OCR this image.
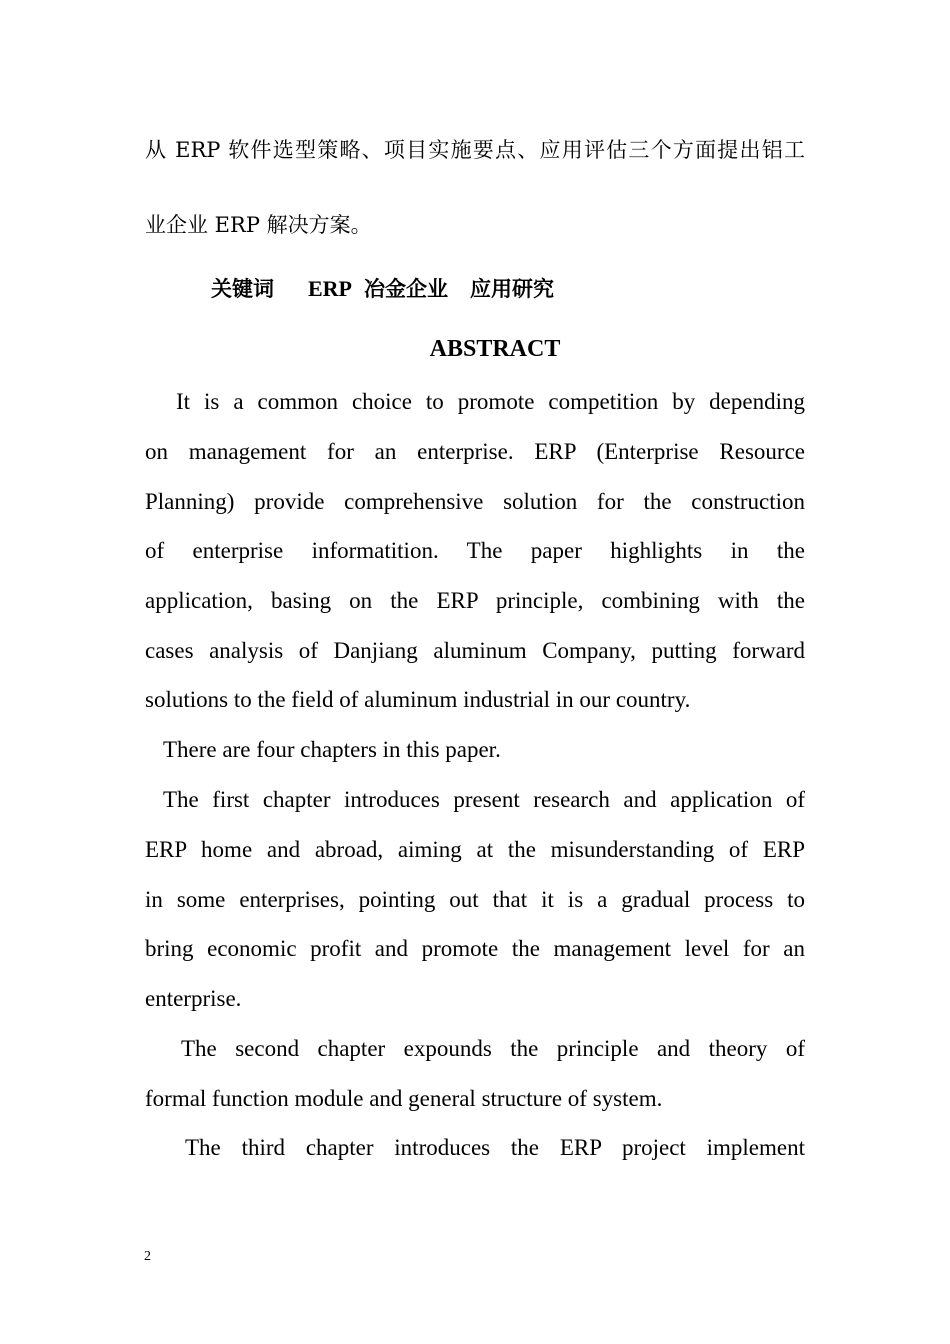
从 ERP 软件选型策略、项目实施要点、应用评估三个方面提出铝工
业企业 ERP 解决方案。
关键词 ERP 冶金企业 应用研究
ABSTRACT
It is a common choice to promote competition by depending
on management for an enterprise. ERP (Enterprise Resource
Planning) provide comprehensive solution for the construction
of enterprise informatition. The paper highlights in the
application, basing on the ERP principle, combining with the
cases analysis of Danjiang aluminum Company, putting forward
solutions to the field of aluminum industrial in our country.
There are four chapters in this paper.
The first chapter introduces present research and application of
ERP home and abroad, aiming at the misunderstanding of ERP
in some enterprises, pointing out that it is a gradual process to
bring economic profit and promote the management level for an
enterprise.
The second chapter expounds the principle and theory of
formal function module and general structure of system.
The third chapter introduces the ERP project implement
2
